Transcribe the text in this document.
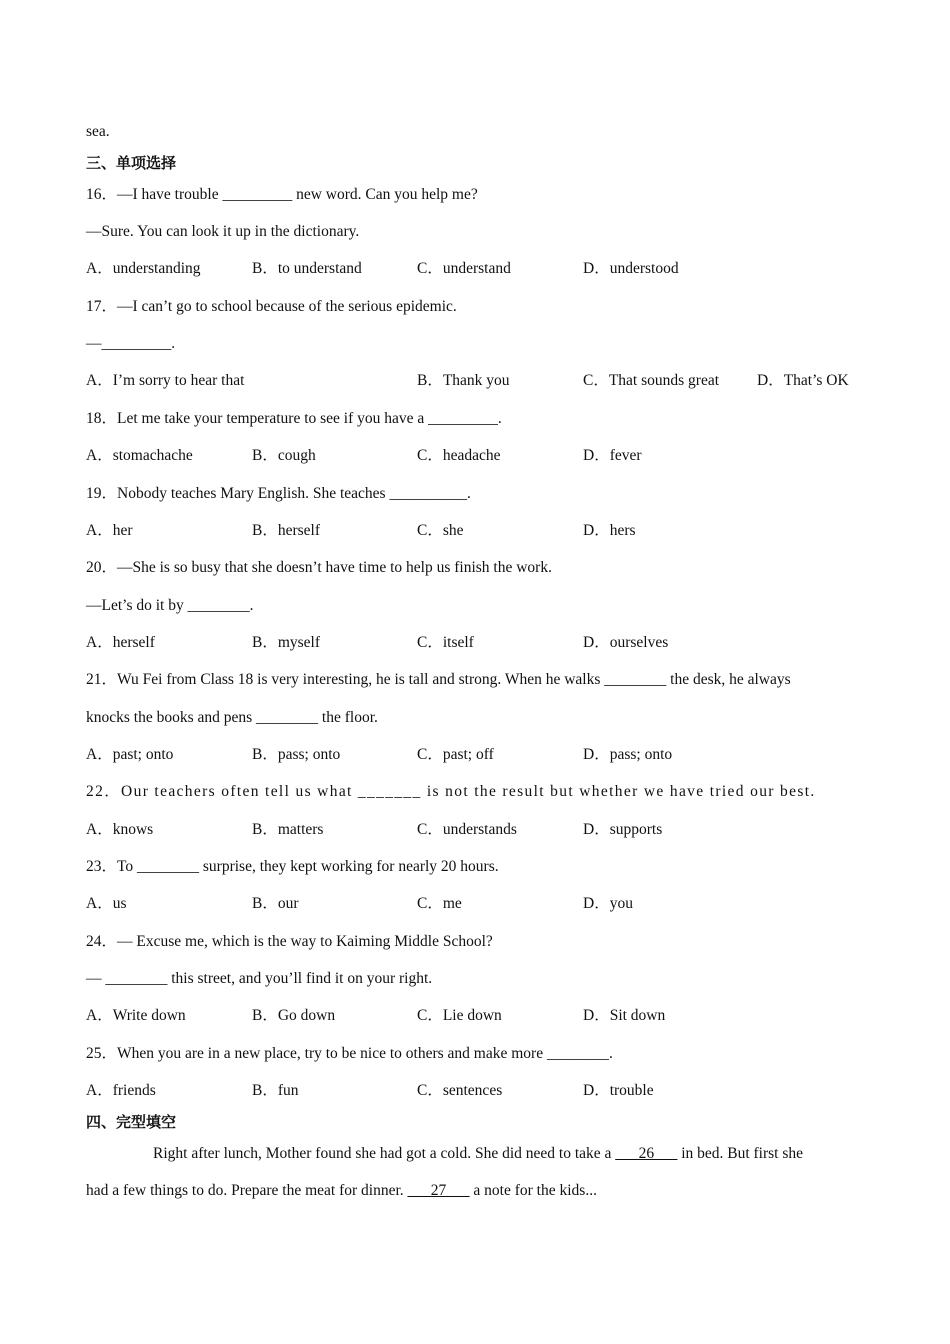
sea.
三、单项选择
16．—I have trouble _________ new word. Can you help me?
—Sure. You can look it up in the dictionary.
A．understanding	B．to understand	C．understand	D．understood
17．—I can’t go to school because of the serious epidemic.
—_________.
A．I’m sorry to hear that	B．Thank you	C．That sounds great D．That’s OK
18．Let me take your temperature to see if you have a _________.
A．stomachache	B．cough	C．headache	D．fever
19．Nobody teaches Mary English. She teaches __________.
A．her	B．herself	C．she	D．hers
20．—She is so busy that she doesn’t have time to help us finish the work.
—Let’s do it by ________.
A．herself	B．myself	C．itself	D．ourselves
21．Wu Fei from Class 18 is very interesting, he is tall and strong. When he walks ________ the desk, he always
knocks the books and pens ________ the floor.
A．past; onto	B．pass; onto	C．past; off	D．pass; onto
22．Our teachers often tell us what _______ is not the result but whether we have tried our best.
A．knows	B．matters	C．understands	D．supports
23．To ________ surprise, they kept working for nearly 20 hours.
A．us	B．our	C．me	D．you
24．— Excuse me, which is the way to Kaiming Middle School?
— ________ this street, and you’ll find it on your right.
A．Write down	B．Go down	C．Lie down	D．Sit down
25．When you are in a new place, try to be nice to others and make more ________.
A．friends	B．fun	C．sentences	D．trouble
四、完型填空
Right after lunch, Mother found she had got a cold. She did need to take a ___26___ in bed. But first she
had a few things to do. Prepare the meat for dinner. ___27___ a note for the kids...
